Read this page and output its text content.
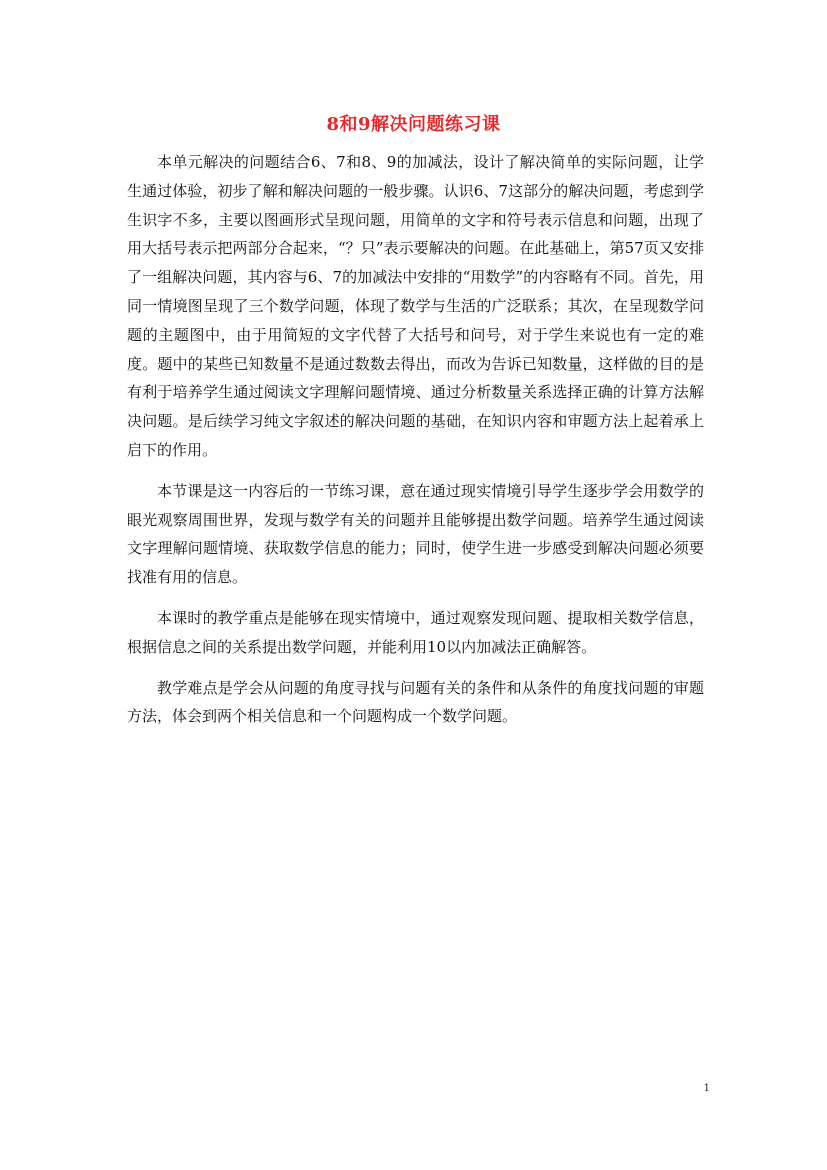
8和9解决问题练习课

本单元解决的问题结合6、7和8、9的加减法，设计了解决简单的实际问题，让学生通过体验，初步了解和解决问题的一般步骤。认识6、7这部分的解决问题，考虑到学生识字不多，主要以图画形式呈现问题，用简单的文字和符号表示信息和问题，出现了用大括号表示把两部分合起来，“？只”表示要解决的问题。在此基础上，第57页又安排了一组解决问题，其内容与6、7的加减法中安排的“用数学”的内容略有不同。首先，用同一情境图呈现了三个数学问题，体现了数学与生活的广泛联系；其次，在呈现数学问题的主题图中，由于用简短的文字代替了大括号和问号，对于学生来说也有一定的难度。题中的某些已知数量不是通过数数去得出，而改为告诉已知数量，这样做的目的是有利于培养学生通过阅读文字理解问题情境、通过分析数量关系选择正确的计算方法解决问题。是后续学习纯文字叙述的解决问题的基础，在知识内容和审题方法上起着承上启下的作用。

本节课是这一内容后的一节练习课，意在通过现实情境引导学生逐步学会用数学的眼光观察周围世界，发现与数学有关的问题并且能够提出数学问题。培养学生通过阅读文字理解问题情境、获取数学信息的能力；同时，使学生进一步感受到解决问题必须要找准有用的信息。

本课时的教学重点是能够在现实情境中，通过观察发现问题、提取相关数学信息，根据信息之间的关系提出数学问题，并能利用10以内加减法正确解答。

教学难点是学会从问题的角度寻找与问题有关的条件和从条件的角度找问题的审题方法，体会到两个相关信息和一个问题构成一个数学问题。

1
